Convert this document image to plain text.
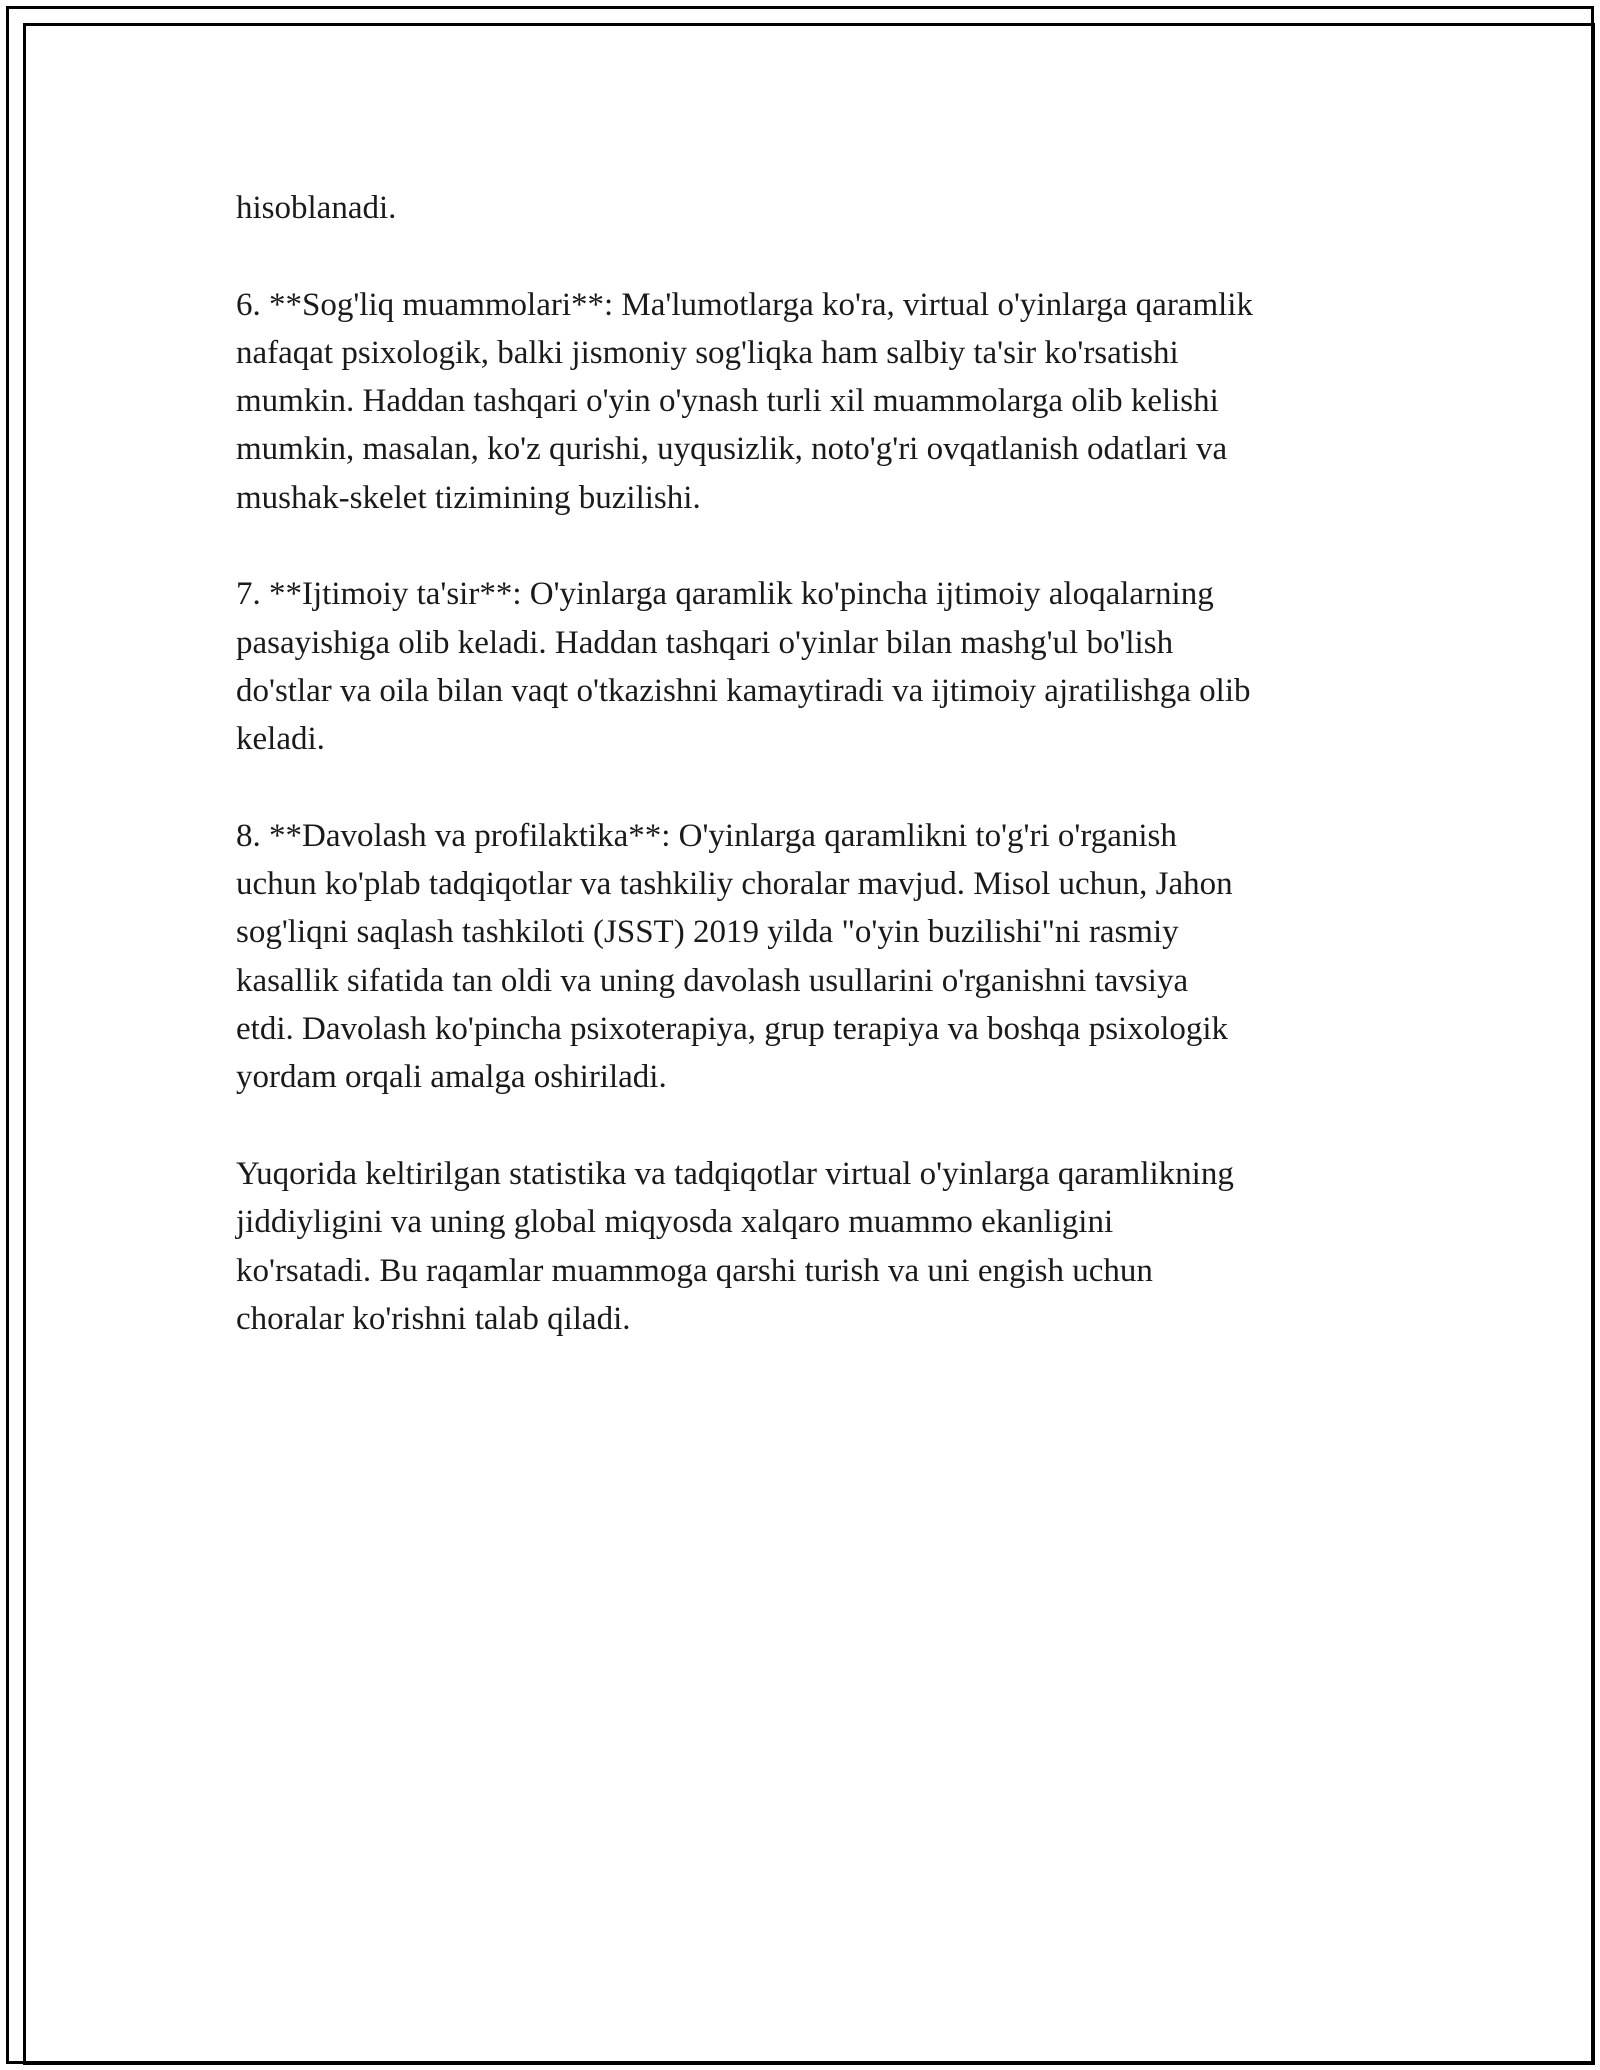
hisoblanadi.

6. **Sog'liq muammolari**: Ma'lumotlarga ko'ra, virtual o'yinlarga qaramlik
nafaqat psixologik, balki jismoniy sog'liqka ham salbiy ta'sir ko'rsatishi
mumkin. Haddan tashqari o'yin o'ynash turli xil muammolarga olib kelishi
mumkin, masalan, ko'z qurishi, uyqusizlik, noto'g'ri ovqatlanish odatlari va
mushak-skelet tizimining buzilishi.

7. **Ijtimoiy ta'sir**: O'yinlarga qaramlik ko'pincha ijtimoiy aloqalarning
pasayishiga olib keladi. Haddan tashqari o'yinlar bilan mashg'ul bo'lish
do'stlar va oila bilan vaqt o'tkazishni kamaytiradi va ijtimoiy ajratilishga olib
keladi.

8. **Davolash va profilaktika**: O'yinlarga qaramlikni to'g'ri o'rganish
uchun ko'plab tadqiqotlar va tashkiliy choralar mavjud. Misol uchun, Jahon
sog'liqni saqlash tashkiloti (JSST) 2019 yilda "o'yin buzilishi"ni rasmiy
kasallik sifatida tan oldi va uning davolash usullarini o'rganishni tavsiya
etdi. Davolash ko'pincha psixoterapiya, grup terapiya va boshqa psixologik
yordam orqali amalga oshiriladi.

Yuqorida keltirilgan statistika va tadqiqotlar virtual o'yinlarga qaramlikning
jiddiyligini va uning global miqyosda xalqaro muammo ekanligini
ko'rsatadi. Bu raqamlar muammoga qarshi turish va uni engish uchun
choralar ko'rishni talab qiladi.
